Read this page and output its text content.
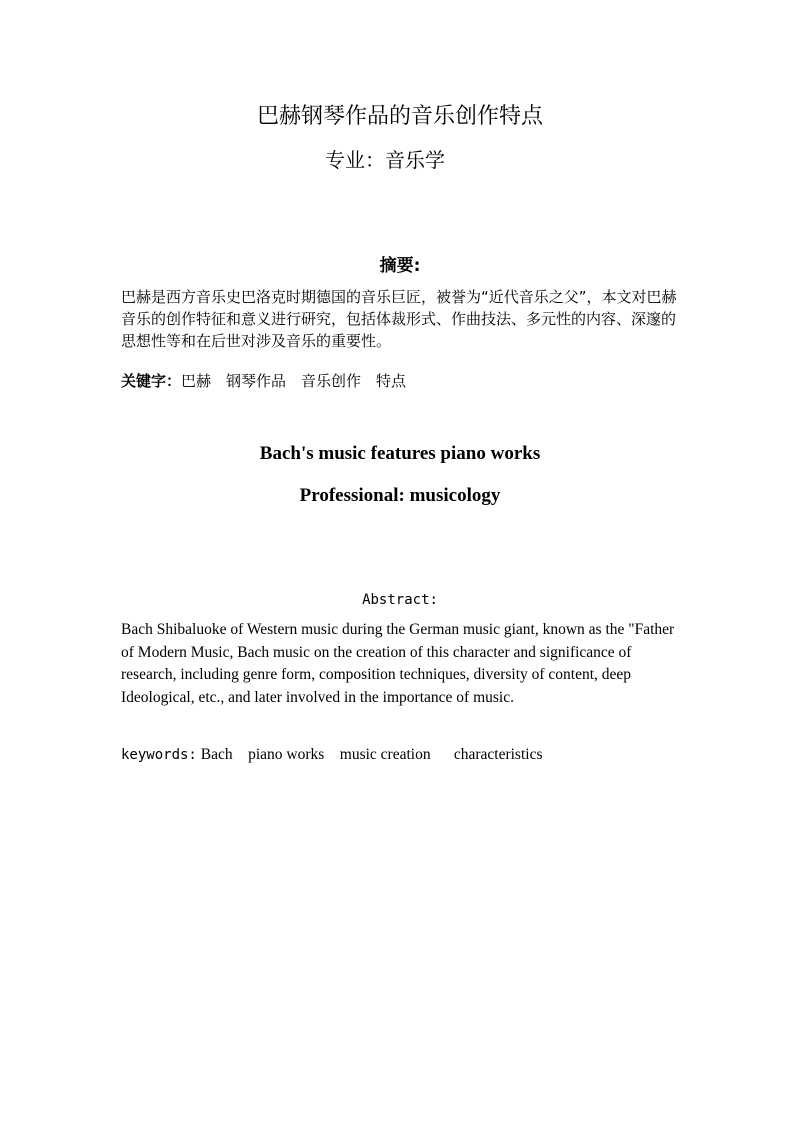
巴赫钢琴作品的音乐创作特点
专业：音乐学
摘要:
巴赫是西方音乐史巴洛克时期德国的音乐巨匠，被誉为“近代音乐之父”，本文对巴赫音乐的创作特征和意义进行研究，包括体裁形式、作曲技法、多元性的内容、深邃的思想性等和在后世对涉及音乐的重要性。
关键字：巴赫　钢琴作品　音乐创作　特点
Bach's music features piano works
Professional: musicology
Abstract:
Bach Shibaluoke of Western music during the German music giant, known as the "Father of Modern Music, Bach music on the creation of this character and significance of research, including genre form, composition techniques, diversity of content, deep Ideological, etc., and later involved in the importance of music.
keywords: Bach    piano works    music creation      characteristics
